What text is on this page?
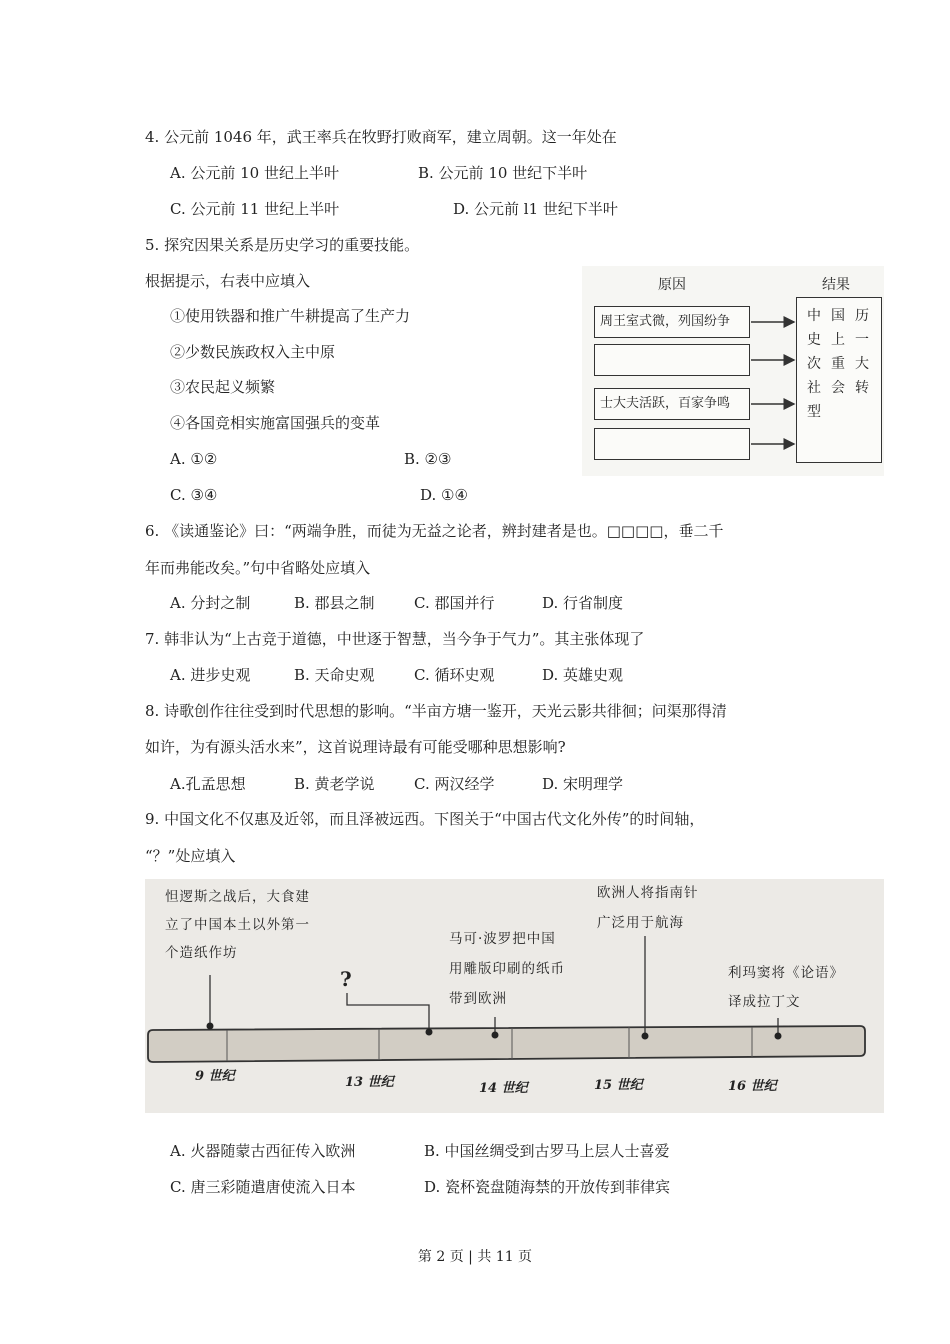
4. 公元前 1046 年，武王率兵在牧野打败商军，建立周朝。这一年处在
A. 公元前 10 世纪上半叶	B. 公元前 10 世纪下半叶
C. 公元前 11 世纪上半叶	D. 公元前 l1 世纪下半叶
5. 探究因果关系是历史学习的重要技能。
根据提示，右表中应填入
①使用铁器和推广牛耕提高了生产力
②少数民族政权入主中原
③农民起义频繁
④各国竞相实施富国强兵的变革
A. ①②	B. ②③
C. ③④	D. ①④
原因	结果
周王室式微，列国纷争
士大夫活跃，百家争鸣
中国历史上一次重大社会转型
6. 《读通鉴论》曰：“两端争胜，而徒为无益之论者，辨封建者是也。□□□□，垂二千
年而弗能改矣。”句中省略处应填入
A. 分封之制	B. 郡县之制	C. 郡国并行	D. 行省制度
7. 韩非认为“上古竞于道德，中世逐于智慧，当今争于气力”。其主张体现了
A. 进步史观	B. 天命史观	C. 循环史观	D. 英雄史观
8. 诗歌创作往往受到时代思想的影响。“半亩方塘一鉴开，天光云影共徘徊；问渠那得清
如许，为有源头活水来”，这首说理诗最有可能受哪种思想影响?
A.孔孟思想	B. 黄老学说	C. 两汉经学	D. 宋明理学
9. 中国文化不仅惠及近邻，而且泽被远西。下图关于“中国古代文化外传”的时间轴，
“？”处应填入
怛逻斯之战后，大食建
立了中国本土以外第一
个造纸作坊
?
马可·波罗把中国
用雕版印刷的纸币
带到欧洲
欧洲人将指南针
广泛用于航海
利玛窦将《论语》
译成拉丁文
9 世纪	13 世纪	14 世纪	15 世纪	16 世纪
A. 火器随蒙古西征传入欧洲	B. 中国丝绸受到古罗马上层人士喜爱
C. 唐三彩随遣唐使流入日本	D. 瓷杯瓷盘随海禁的开放传到菲律宾
第 2 页 | 共 11 页
